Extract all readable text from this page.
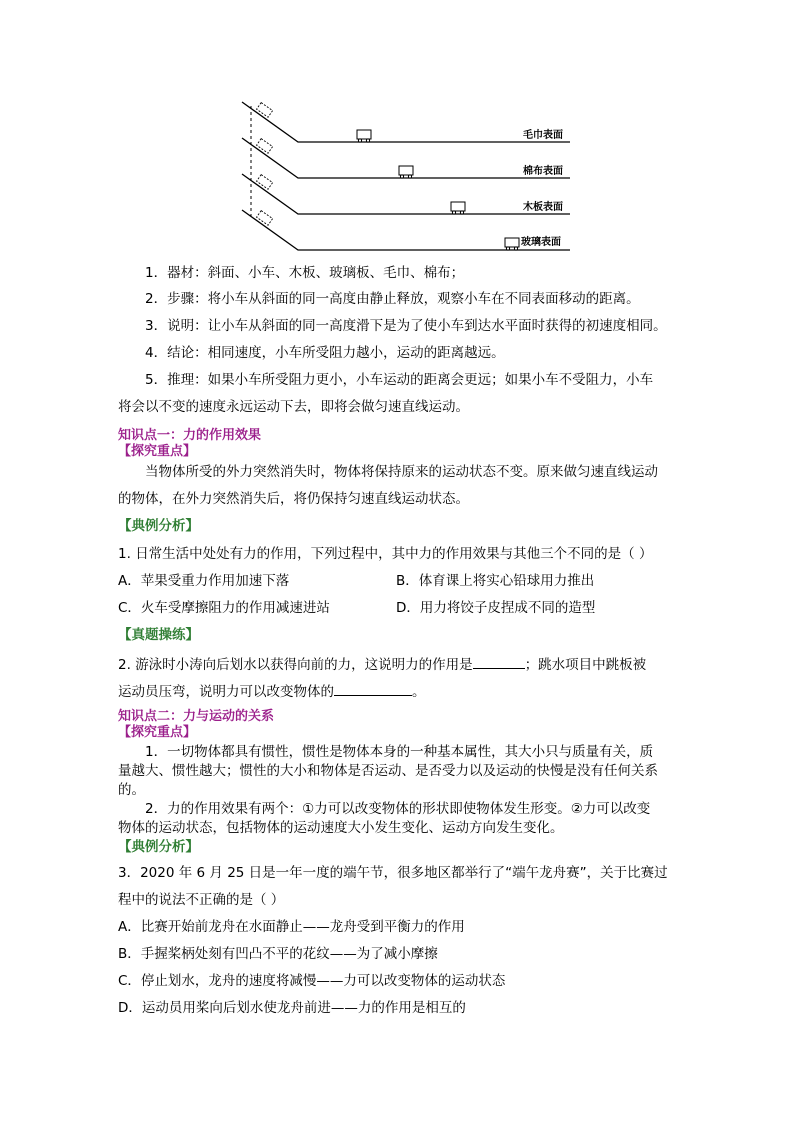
毛巾表面
棉布表面
木板表面
玻璃表面
1．器材：斜面、小车、木板、玻璃板、毛巾、棉布；
2．步骤：将小车从斜面的同一高度由静止释放，观察小车在不同表面移动的距离。
3．说明：让小车从斜面的同一高度滑下是为了使小车到达水平面时获得的初速度相同。
4．结论：相同速度，小车所受阻力越小，运动的距离越远。
5．推理：如果小车所受阻力更小，小车运动的距离会更远；如果小车不受阻力，小车
将会以不变的速度永远运动下去，即将会做匀速直线运动。
知识点一：力的作用效果
【探究重点】
当物体所受的外力突然消失时，物体将保持原来的运动状态不变。原来做匀速直线运动
的物体，在外力突然消失后，将仍保持匀速直线运动状态。
【典例分析】
1. 日常生活中处处有力的作用，下列过程中，其中力的作用效果与其他三个不同的是（ ）
A．苹果受重力作用加速下落	B．体育课上将实心铅球用力推出
C．火车受摩擦阻力的作用减速进站	D．用力将饺子皮捏成不同的造型
【真题操练】
2. 游泳时小涛向后划水以获得向前的力，这说明力的作用是	；跳水项目中跳板被
运动员压弯，说明力可以改变物体的	。
知识点二：力与运动的关系
【探究重点】
1．一切物体都具有惯性，惯性是物体本身的一种基本属性，其大小只与质量有关，质
量越大、惯性越大；惯性的大小和物体是否运动、是否受力以及运动的快慢是没有任何关系
的。
2．力的作用效果有两个：①力可以改变物体的形状即使物体发生形变。②力可以改变
物体的运动状态，包括物体的运动速度大小发生变化、运动方向发生变化。
【典例分析】
3．2020 年 6 月 25 日是一年一度的端午节，很多地区都举行了“端午龙舟赛”，关于比赛过
程中的说法不正确的是（ ）
A．比赛开始前龙舟在水面静止——龙舟受到平衡力的作用
B．手握桨柄处刻有凹凸不平的花纹——为了减小摩擦
C．停止划水，龙舟的速度将减慢——力可以改变物体的运动状态
D．运动员用桨向后划水使龙舟前进——力的作用是相互的
